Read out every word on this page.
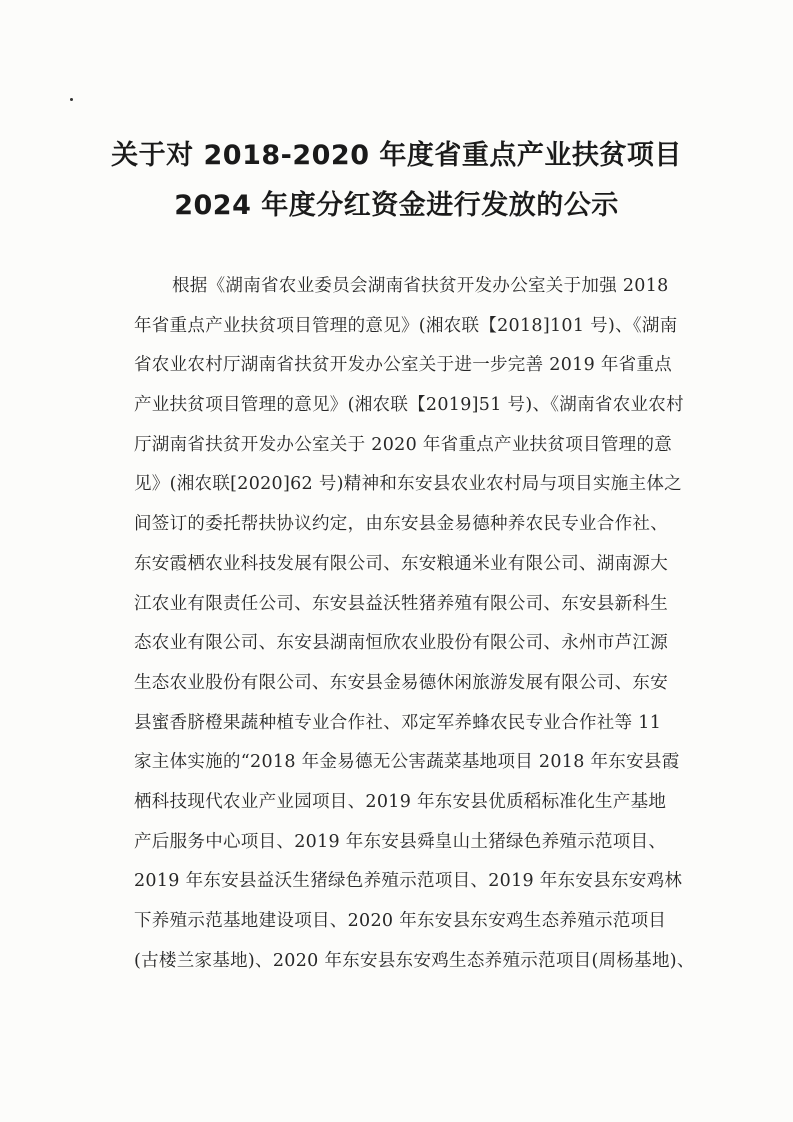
关于对 2018-2020 年度省重点产业扶贫项目
2024 年度分红资金进行发放的公示
根据《湖南省农业委员会湖南省扶贫开发办公室关于加强 2018
年省重点产业扶贫项目管理的意见》(湘农联【2018]101 号)、《湖南
省农业农村厅湖南省扶贫开发办公室关于进一步完善 2019 年省重点
产业扶贫项目管理的意见》(湘农联【2019]51 号)、《湖南省农业农村
厅湖南省扶贫开发办公室关于 2020 年省重点产业扶贫项目管理的意
见》(湘农联[2020]62 号)精神和东安县农业农村局与项目实施主体之
间签订的委托帮扶协议约定，由东安县金易德种养农民专业合作社、
东安霞栖农业科技发展有限公司、东安粮通米业有限公司、湖南源大
江农业有限责任公司、东安县益沃牲猪养殖有限公司、东安县新科生
态农业有限公司、东安县湖南恒欣农业股份有限公司、永州市芦江源
生态农业股份有限公司、东安县金易德休闲旅游发展有限公司、东安
县蜜香脐橙果蔬种植专业合作社、邓定军养蜂农民专业合作社等 11
家主体实施的“2018 年金易德无公害蔬菜基地项目 2018 年东安县霞
栖科技现代农业产业园项目、2019 年东安县优质稻标准化生产基地
产后服务中心项目、2019 年东安县舜皇山土猪绿色养殖示范项目、
2019 年东安县益沃生猪绿色养殖示范项目、2019 年东安县东安鸡林
下养殖示范基地建设项目、2020 年东安县东安鸡生态养殖示范项目
(古楼兰家基地)、2020 年东安县东安鸡生态养殖示范项目(周杨基地)、
